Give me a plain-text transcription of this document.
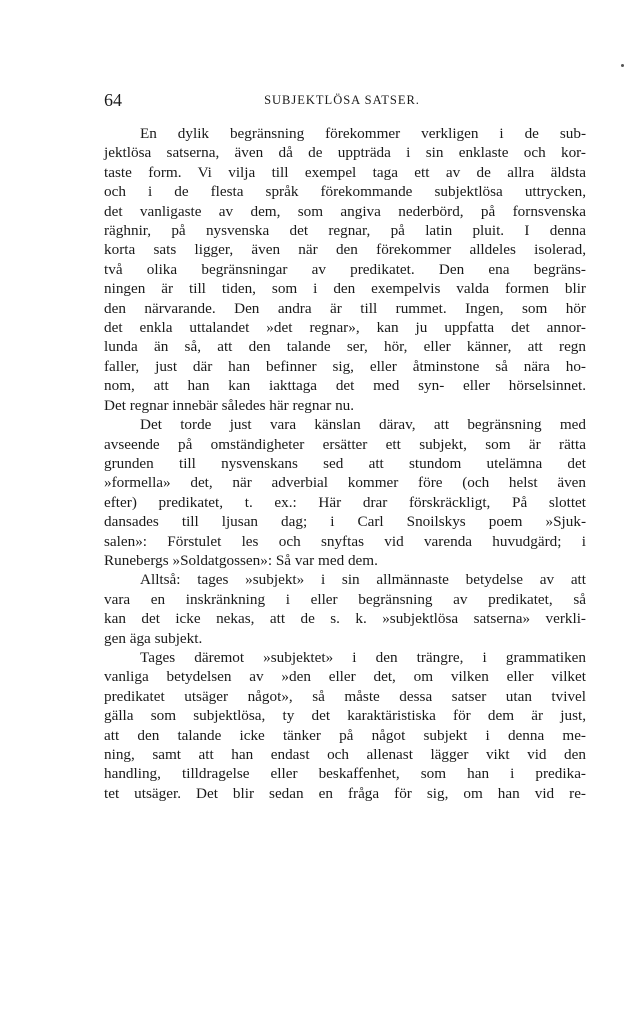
64	SUBJEKTLÖSA SATSER.
En dylik begränsning förekommer verkligen i de sub-
jektlösa satserna, även då de uppträda i sin enklaste och kor-
taste form. Vi vilja till exempel taga ett av de allra äldsta
och i de flesta språk förekommande subjektlösa uttrycken,
det vanligaste av dem, som angiva nederbörd, på fornsvenska
räghnir, på nysvenska det regnar, på latin pluit. I denna
korta sats ligger, även när den förekommer alldeles isolerad,
två olika begränsningar av predikatet. Den ena begräns-
ningen är till tiden, som i den exempelvis valda formen blir
den närvarande. Den andra är till rummet. Ingen, som hör
det enkla uttalandet »det regnar», kan ju uppfatta det annor-
lunda än så, att den talande ser, hör, eller känner, att regn
faller, just där han befinner sig, eller åtminstone så nära ho-
nom, att han kan iakttaga det med syn- eller hörselsinnet.
Det regnar innebär således här regnar nu.
Det torde just vara känslan därav, att begränsning med
avseende på omständigheter ersätter ett subjekt, som är rätta
grunden till nysvenskans sed att stundom utelämna det
»formella» det, när adverbial kommer före (och helst även
efter) predikatet, t. ex.: Här drar förskräckligt, På slottet
dansades till ljusan dag; i Carl Snoilskys poem »Sjuk-
salen»: Förstulet les och snyftas vid varenda huvudgärd; i
Runebergs »Soldatgossen»: Så var med dem.
Alltså: tages »subjekt» i sin allmännaste betydelse av att
vara en inskränkning i eller begränsning av predikatet, så
kan det icke nekas, att de s. k. »subjektlösa satserna» verkli-
gen äga subjekt.
Tages däremot »subjektet» i den trängre, i grammatiken
vanliga betydelsen av »den eller det, om vilken eller vilket
predikatet utsäger något», så måste dessa satser utan tvivel
gälla som subjektlösa, ty det karaktäristiska för dem är just,
att den talande icke tänker på något subjekt i denna me-
ning, samt att han endast och allenast lägger vikt vid den
handling, tilldragelse eller beskaffenhet, som han i predika-
tet utsäger. Det blir sedan en fråga för sig, om han vid re-
